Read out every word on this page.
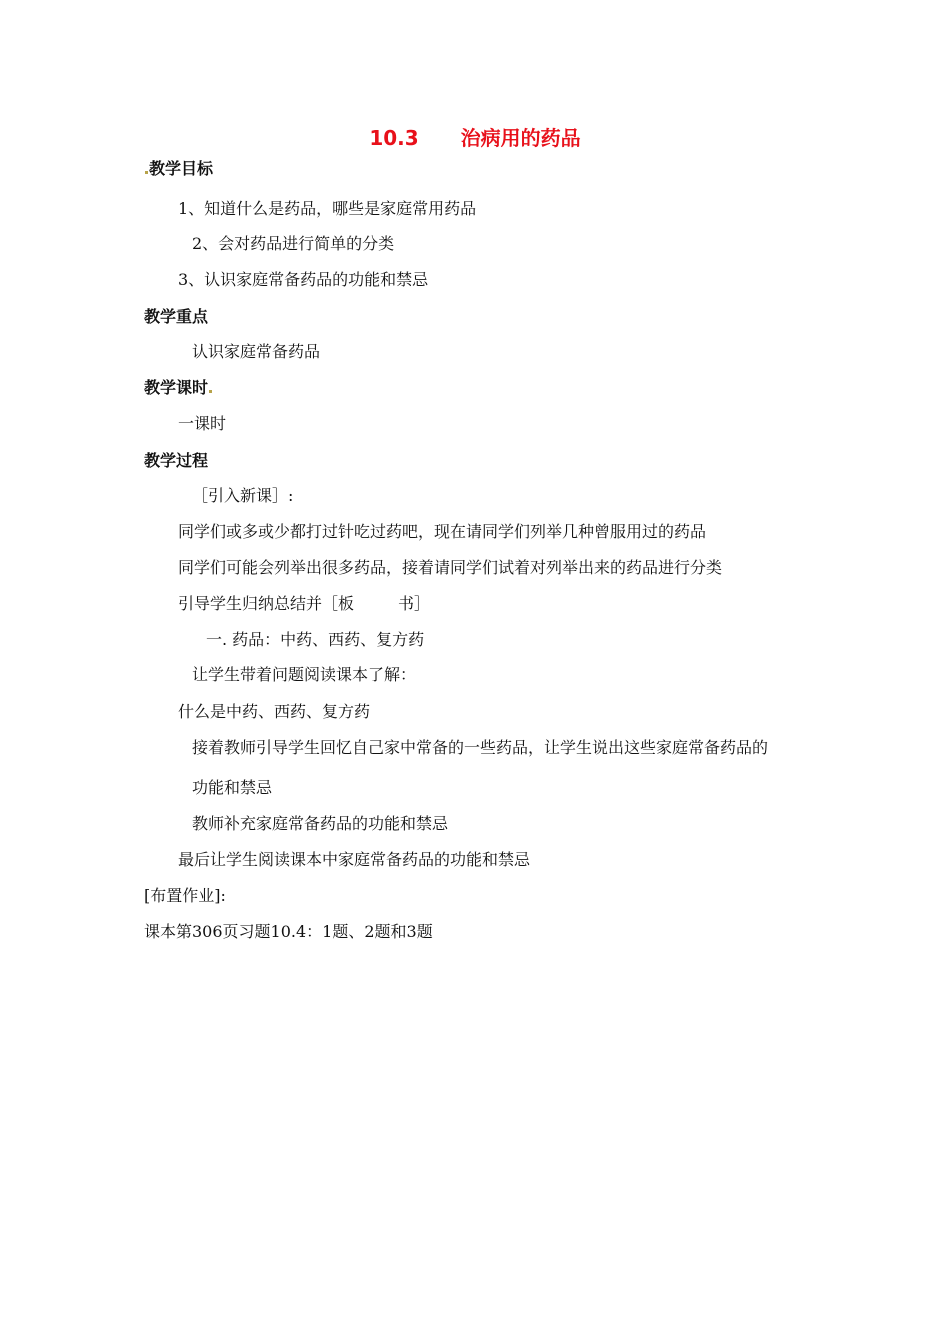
10.3 治病用的药品
教学目标
1、知道什么是药品，哪些是家庭常用药品
2、会对药品进行简单的分类
3、认识家庭常备药品的功能和禁忌
教学重点
认识家庭常备药品
教学课时
一课时
教学过程
［引入新课］:
同学们或多或少都打过针吃过药吧，现在请同学们列举几种曾服用过的药品
同学们可能会列举出很多药品，接着请同学们试着对列举出来的药品进行分类
引导学生归纳总结并［板	书］
一. 药品：中药、西药、复方药
让学生带着问题阅读课本了解：
什么是中药、西药、复方药
接着教师引导学生回忆自己家中常备的一些药品，让学生说出这些家庭常备药品的
功能和禁忌
教师补充家庭常备药品的功能和禁忌
最后让学生阅读课本中家庭常备药品的功能和禁忌
[布置作业]:
课本第306页习题10.4：1题、2题和3题
